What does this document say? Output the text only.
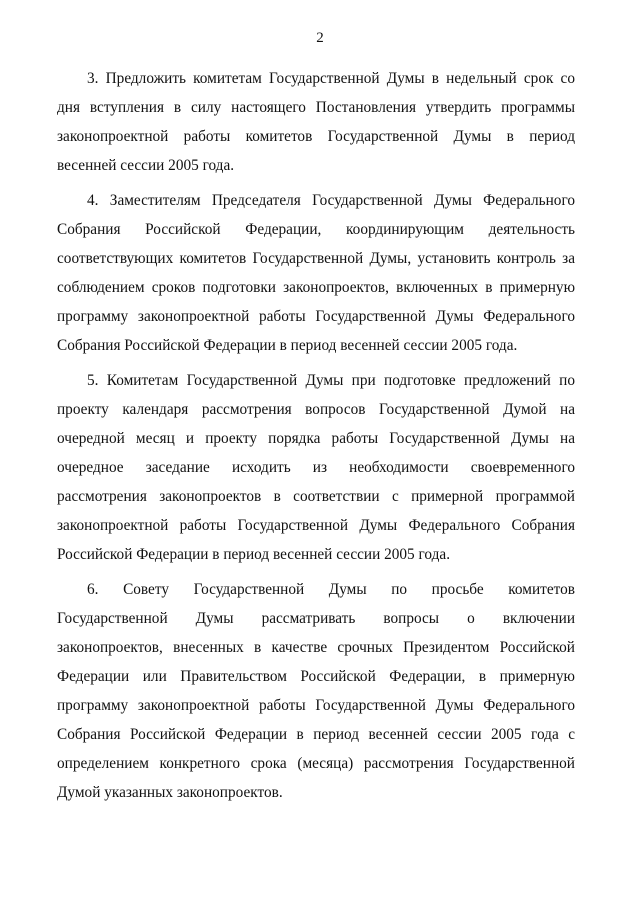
2
3. Предложить комитетам Государственной Думы в недельный срок со
дня вступления в силу настоящего Постановления утвердить программы
законопроектной работы комитетов Государственной Думы в период
весенней сессии 2005 года.
4. Заместителям Председателя Государственной Думы Федерального
Собрания Российской Федерации, координирующим деятельность
соответствующих комитетов Государственной Думы, установить контроль за
соблюдением сроков подготовки законопроектов, включенных в примерную
программу законопроектной работы Государственной Думы Федерального
Собрания Российской Федерации в период весенней сессии 2005 года.
5. Комитетам Государственной Думы при подготовке предложений по
проекту календаря рассмотрения вопросов Государственной Думой на
очередной месяц и проекту порядка работы Государственной Думы на
очередное заседание исходить из необходимости своевременного
рассмотрения законопроектов в соответствии с примерной программой
законопроектной работы Государственной Думы Федерального Собрания
Российской Федерации в период весенней сессии 2005 года.
6. Совету Государственной Думы по просьбе комитетов
Государственной Думы рассматривать вопросы о включении
законопроектов, внесенных в качестве срочных Президентом Российской
Федерации или Правительством Российской Федерации, в примерную
программу законопроектной работы Государственной Думы Федерального
Собрания Российской Федерации в период весенней сессии 2005 года с
определением конкретного срока (месяца) рассмотрения Государственной
Думой указанных законопроектов.
